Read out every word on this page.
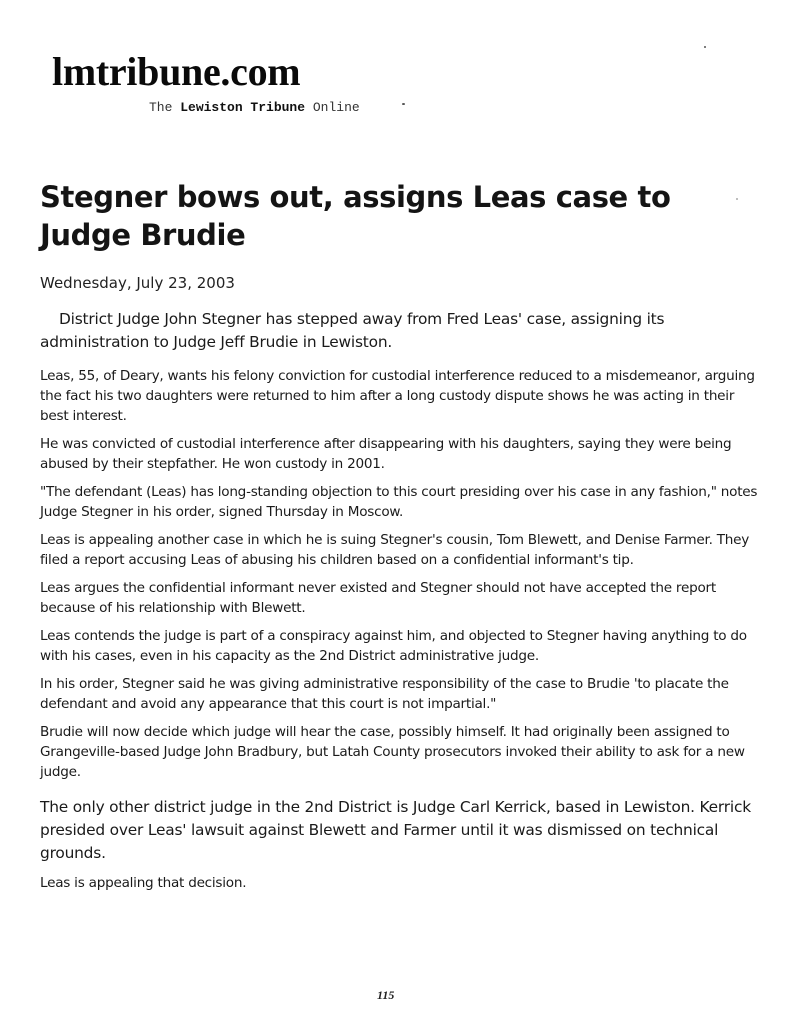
lmtribune.com
The Lewiston Tribune Online
Stegner bows out, assigns Leas case to Judge Brudie

Wednesday, July 23, 2003

District Judge John Stegner has stepped away from Fred Leas' case, assigning its administration to Judge Jeff Brudie in Lewiston.

Leas, 55, of Deary, wants his felony conviction for custodial interference reduced to a misdemeanor, arguing the fact his two daughters were returned to him after a long custody dispute shows he was acting in their best interest.

He was convicted of custodial interference after disappearing with his daughters, saying they were being abused by their stepfather. He won custody in 2001.

"The defendant (Leas) has long-standing objection to this court presiding over his case in any fashion," notes Judge Stegner in his order, signed Thursday in Moscow.

Leas is appealing another case in which he is suing Stegner's cousin, Tom Blewett, and Denise Farmer. They filed a report accusing Leas of abusing his children based on a confidential informant's tip.

Leas argues the confidential informant never existed and Stegner should not have accepted the report because of his relationship with Blewett.

Leas contends the judge is part of a conspiracy against him, and objected to Stegner having anything to do with his cases, even in his capacity as the 2nd District administrative judge.

In his order, Stegner said he was giving administrative responsibility of the case to Brudie 'to placate the defendant and avoid any appearance that this court is not impartial."

Brudie will now decide which judge will hear the case, possibly himself. It had originally been assigned to Grangeville-based Judge John Bradbury, but Latah County prosecutors invoked their ability to ask for a new judge.

The only other district judge in the 2nd District is Judge Carl Kerrick, based in Lewiston. Kerrick presided over Leas' lawsuit against Blewett and Farmer until it was dismissed on technical grounds.

Leas is appealing that decision.

115
